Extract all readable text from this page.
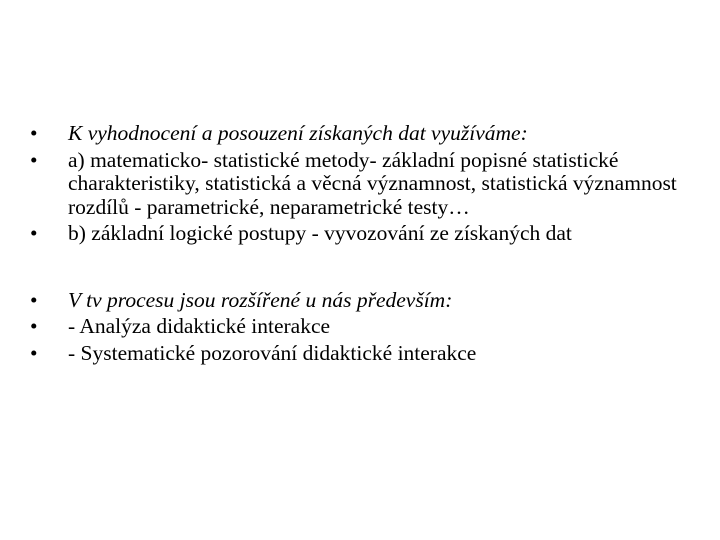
•	K vyhodnocení a posouzení získaných dat využíváme:
•	a) matematicko- statistické metody- základní popisné statistické charakteristiky, statistická a věcná významnost, statistická významnost rozdílů - parametrické, neparametrické testy…
•	b) základní logické postupy - vyvozování ze získaných dat
•	V tv procesu jsou rozšířené u nás především:
•	- Analýza didaktické interakce
•	- Systematické pozorování didaktické interakce
